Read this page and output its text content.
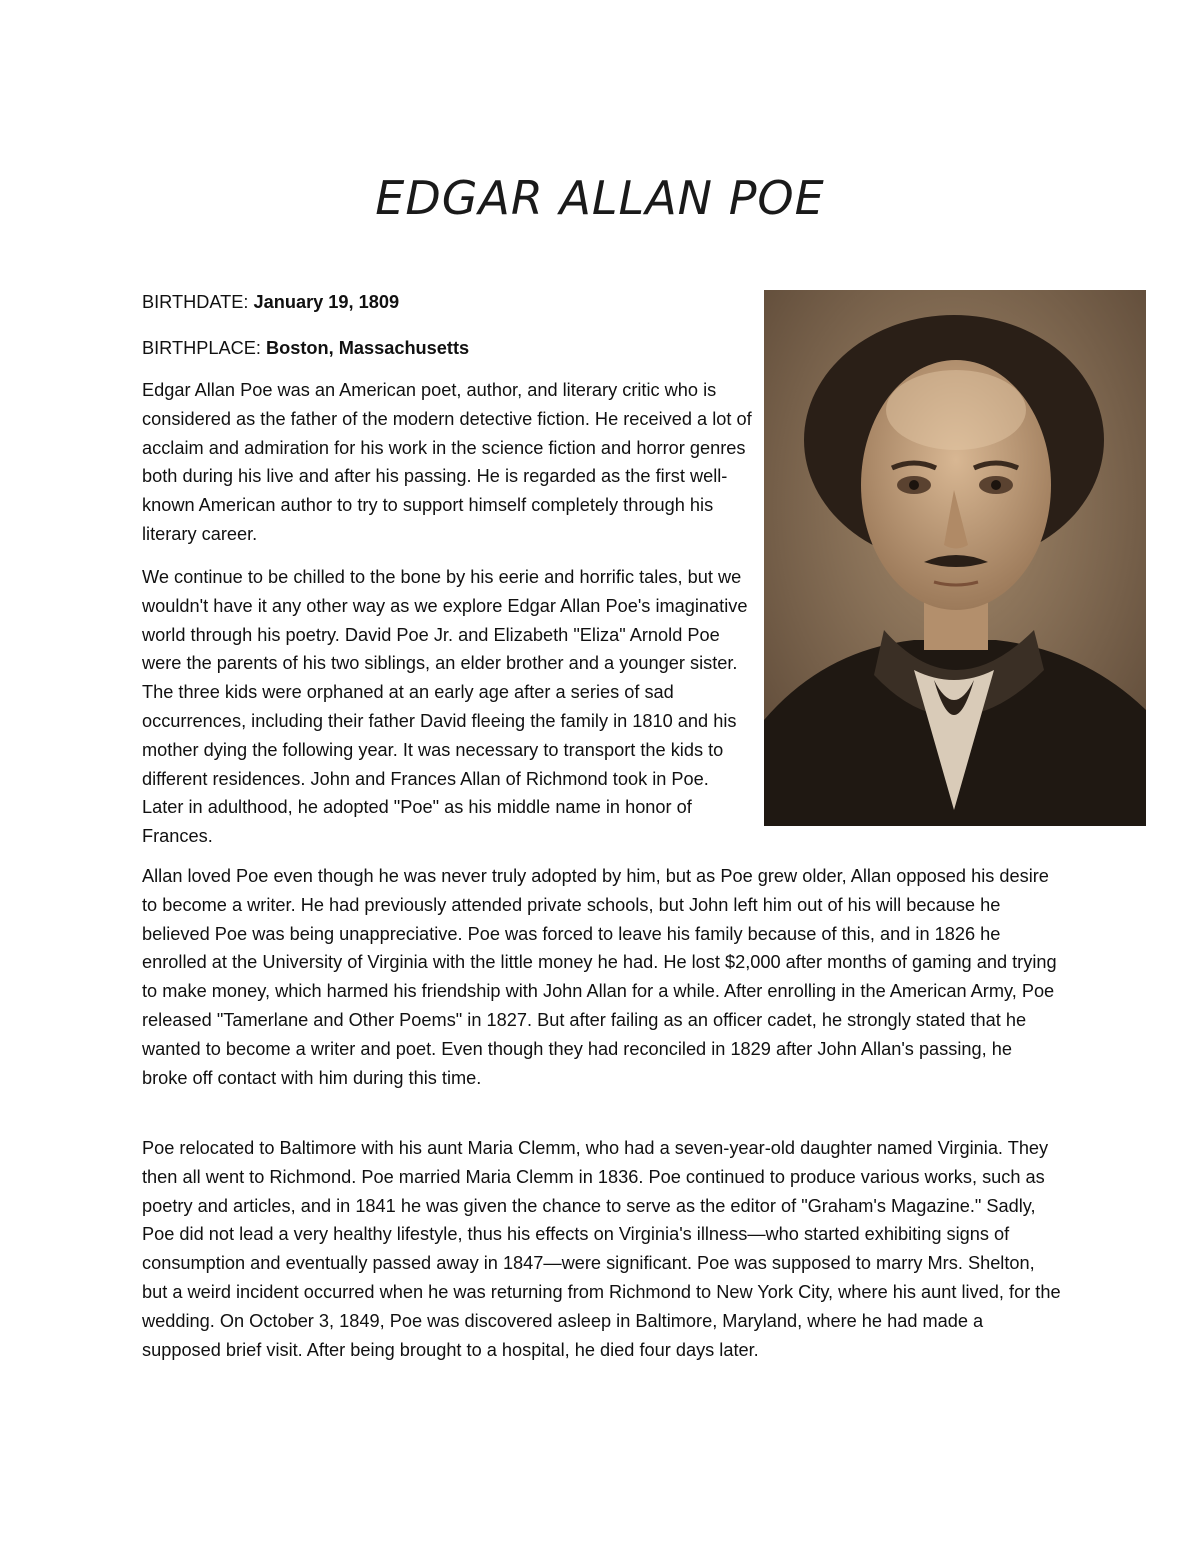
EDGAR ALLAN POE

BIRTHDATE: January 19, 1809

BIRTHPLACE: Boston, Massachusetts

Edgar Allan Poe was an American poet, author, and literary critic who is considered as the father of the modern detective fiction. He received a lot of acclaim and admiration for his work in the science fiction and horror genres both during his live and after his passing. He is regarded as the first well-known American author to try to support himself completely through his literary career.

We continue to be chilled to the bone by his eerie and horrific tales, but we wouldn't have it any other way as we explore Edgar Allan Poe's imaginative world through his poetry. David Poe Jr. and Elizabeth "Eliza" Arnold Poe were the parents of his two siblings, an elder brother and a younger sister. The three kids were orphaned at an early age after a series of sad occurrences, including their father David fleeing the family in 1810 and his mother dying the following year. It was necessary to transport the kids to different residences. John and Frances Allan of Richmond took in Poe. Later in adulthood, he adopted "Poe" as his middle name in honor of Frances.

Allan loved Poe even though he was never truly adopted by him, but as Poe grew older, Allan opposed his desire to become a writer. He had previously attended private schools, but John left him out of his will because he believed Poe was being unappreciative. Poe was forced to leave his family because of this, and in 1826 he enrolled at the University of Virginia with the little money he had. He lost $2,000 after months of gaming and trying to make money, which harmed his friendship with John Allan for a while. After enrolling in the American Army, Poe released "Tamerlane and Other Poems" in 1827. But after failing as an officer cadet, he strongly stated that he wanted to become a writer and poet. Even though they had reconciled in 1829 after John Allan's passing, he broke off contact with him during this time.

Poe relocated to Baltimore with his aunt Maria Clemm, who had a seven-year-old daughter named Virginia. They then all went to Richmond. Poe married Maria Clemm in 1836. Poe continued to produce various works, such as poetry and articles, and in 1841 he was given the chance to serve as the editor of "Graham's Magazine." Sadly, Poe did not lead a very healthy lifestyle, thus his effects on Virginia's illness—who started exhibiting signs of consumption and eventually passed away in 1847—were significant. Poe was supposed to marry Mrs. Shelton, but a weird incident occurred when he was returning from Richmond to New York City, where his aunt lived, for the wedding. On October 3, 1849, Poe was discovered asleep in Baltimore, Maryland, where he had made a supposed brief visit. After being brought to a hospital, he died four days later.
